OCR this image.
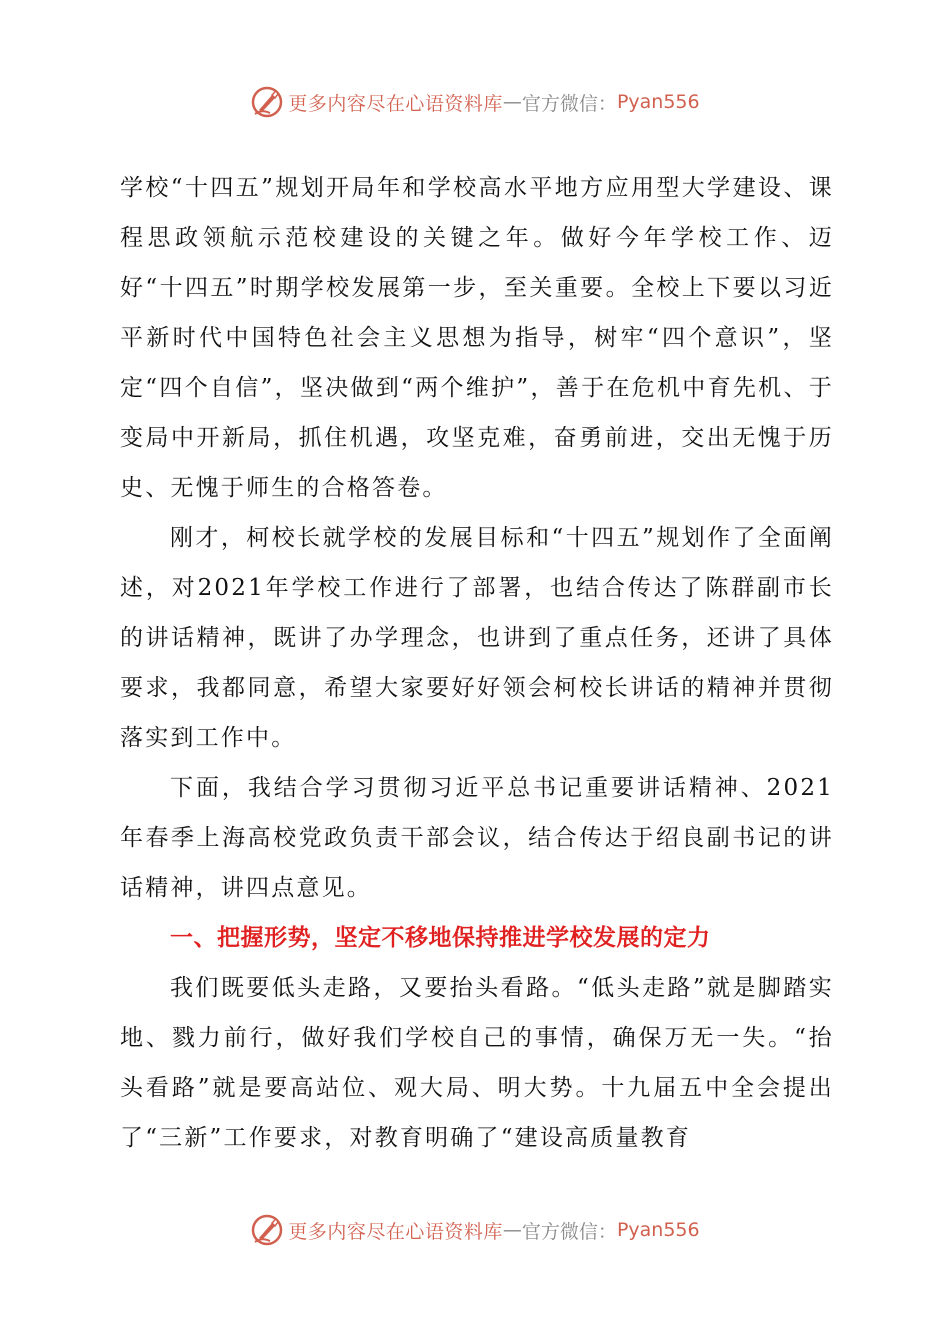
更多内容尽在心语资料库 — 官方微信： Pyan556

学校“十四五”规划开局年和学校高水平地方应用型大学建设、课程思政领航示范校建设的关键之年。做好今年学校工作、迈好“十四五”时期学校发展第一步，至关重要。全校上下要以习近平新时代中国特色社会主义思想为指导，树牢“四个意识”，坚定“四个自信”，坚决做到“两个维护”，善于在危机中育先机、于变局中开新局，抓住机遇，攻坚克难，奋勇前进，交出无愧于历史、无愧于师生的合格答卷。

刚才，柯校长就学校的发展目标和“十四五”规划作了全面阐述，对2021年学校工作进行了部署，也结合传达了陈群副市长的讲话精神，既讲了办学理念，也讲到了重点任务，还讲了具体要求，我都同意，希望大家要好好领会柯校长讲话的精神并贯彻落实到工作中。

下面，我结合学习贯彻习近平总书记重要讲话精神、2021年春季上海高校党政负责干部会议，结合传达于绍良副书记的讲话精神，讲四点意见。

一、把握形势，坚定不移地保持推进学校发展的定力

我们既要低头走路，又要抬头看路。“低头走路”就是脚踏实地、戮力前行，做好我们学校自己的事情，确保万无一失。“抬头看路”就是要高站位、观大局、明大势。十九届五中全会提出了“三新”工作要求，对教育明确了“建设高质量教育

更多内容尽在心语资料库 — 官方微信： Pyan556
